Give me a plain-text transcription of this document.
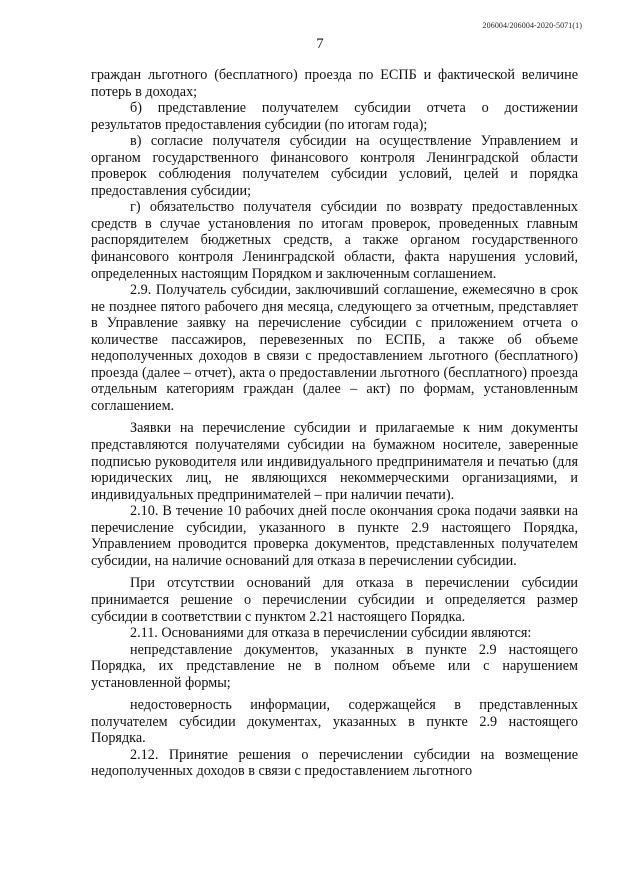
206004/206004-2020-5071(1)
7

граждан льготного (бесплатного) проезда по ЕСПБ и фактической величине потерь в доходах;

б) представление получателем субсидии отчета о достижении результатов предоставления субсидии (по итогам года);

в) согласие получателя субсидии на осуществление Управлением и органом государственного финансового контроля Ленинградской области проверок соблюдения получателем субсидии условий, целей и порядка предоставления субсидии;

г) обязательство получателя субсидии по возврату предоставленных средств в случае установления по итогам проверок, проведенных главным распорядителем бюджетных средств, а также органом государственного финансового контроля Ленинградской области, факта нарушения условий, определенных настоящим Порядком и заключенным соглашением.

2.9. Получатель субсидии, заключивший соглашение, ежемесячно в срок не позднее пятого рабочего дня месяца, следующего за отчетным, представляет в Управление заявку на перечисление субсидии с приложением отчета о количестве пассажиров, перевезенных по ЕСПБ, а также об объеме недополученных доходов в связи с предоставлением льготного (бесплатного) проезда (далее – отчет), акта о предоставлении льготного (бесплатного) проезда отдельным категориям граждан (далее – акт) по формам, установленным соглашением.

Заявки на перечисление субсидии и прилагаемые к ним документы представляются получателями субсидии на бумажном носителе, заверенные подписью руководителя или индивидуального предпринимателя и печатью (для юридических лиц, не являющихся некоммерческими организациями, и индивидуальных предпринимателей – при наличии печати).

2.10. В течение 10 рабочих дней после окончания срока подачи заявки на перечисление субсидии, указанного в пункте 2.9 настоящего Порядка, Управлением проводится проверка документов, представленных получателем субсидии, на наличие оснований для отказа в перечислении субсидии.

При отсутствии оснований для отказа в перечислении субсидии принимается решение о перечислении субсидии и определяется размер субсидии в соответствии с пунктом 2.21 настоящего Порядка.

2.11. Основаниями для отказа в перечислении субсидии являются:

непредставление документов, указанных в пункте 2.9 настоящего Порядка, их представление не в полном объеме или с нарушением установленной формы;

недостоверность информации, содержащейся в представленных получателем субсидии документах, указанных в пункте 2.9 настоящего Порядка.

2.12. Принятие решения о перечислении субсидии на возмещение недополученных доходов в связи с предоставлением льготного
